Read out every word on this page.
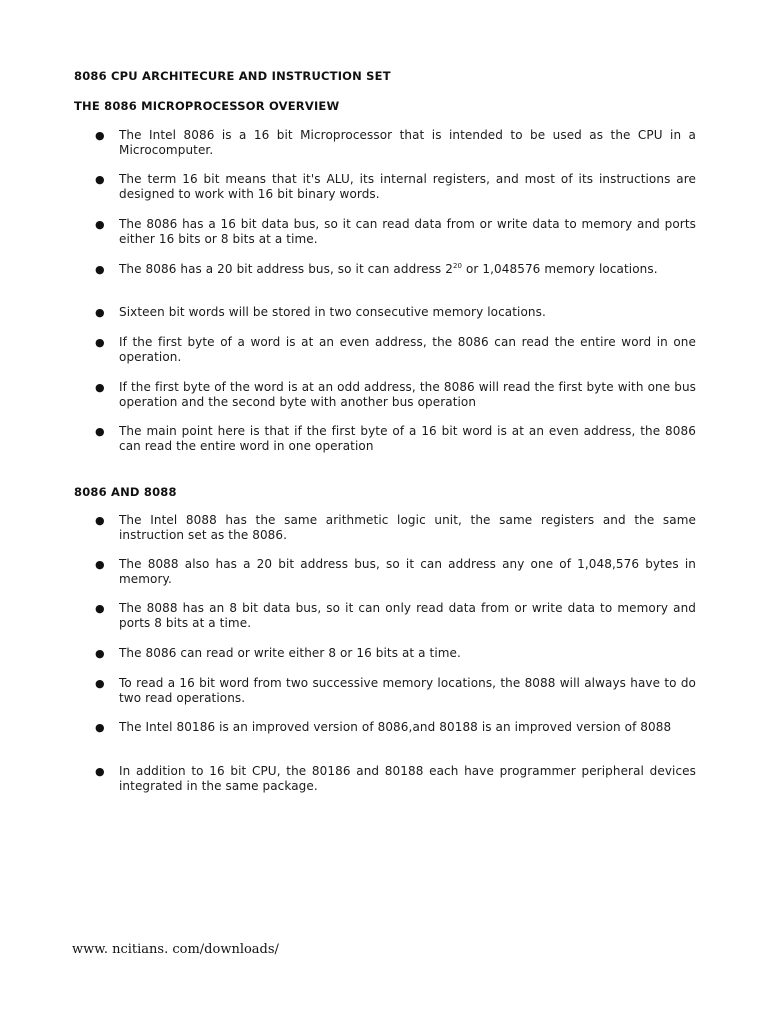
8086 CPU ARCHITECURE AND INSTRUCTION SET
THE 8086 MICROPROCESSOR OVERVIEW
● The Intel 8086 is a 16 bit Microprocessor that is intended to be used as the CPU in a Microcomputer.
● The term 16 bit means that it's ALU, its internal registers, and most of its instructions are designed to work with 16 bit binary words.
● The 8086 has a 16 bit data bus, so it can read data from or write data to memory and ports either 16 bits or 8 bits at a time.
● The 8086 has a 20 bit address bus, so it can address $2^{20}$ or 1,048576 memory locations.
● Sixteen bit words will be stored in two consecutive memory locations.
● If the first byte of a word is at an even address, the 8086 can read the entire word in one operation.
● If the first byte of the word is at an odd address, the 8086 will read the first byte with one bus operation and the second byte with another bus operation
● The main point here is that if the first byte of a 16 bit word is at an even address, the 8086 can read the entire word in one operation
8086 AND 8088
● The Intel 8088 has the same arithmetic logic unit, the same registers and the same instruction set as the 8086.
● The 8088 also has a 20 bit address bus, so it can address any one of 1,048,576 bytes in memory.
● The 8088 has an 8 bit data bus, so it can only read data from or write data to memory and ports 8 bits at a time.
● The 8086 can read or write either 8 or 16 bits at a time.
● To read a 16 bit word from two successive memory locations, the 8088 will always have to do two read operations.
● The Intel 80186 is an improved version of 8086,and 80188 is an improved version of 8088
● In addition to 16 bit CPU, the 80186 and 80188 each have programmer peripheral devices integrated in the same package.
www. ncitians. com/downloads/
